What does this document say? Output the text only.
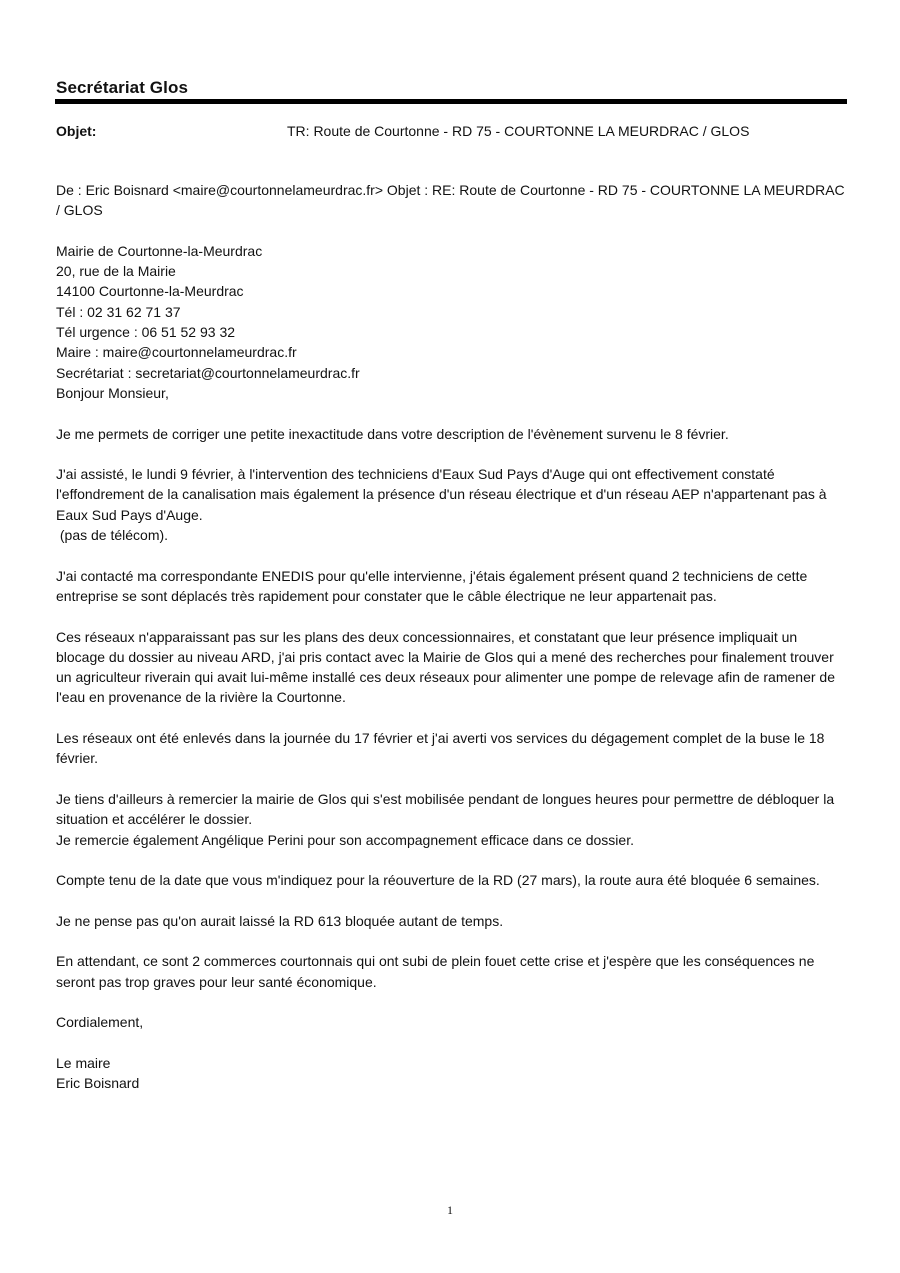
Secrétariat Glos
Objet:	TR: Route de Courtonne - RD 75 - COURTONNE LA MEURDRAC / GLOS

De : Eric Boisnard <maire@courtonnelameurdrac.fr> Objet : RE: Route de Courtonne - RD 75 - COURTONNE LA MEURDRAC / GLOS

Mairie de Courtonne-la-Meurdrac
20, rue de la Mairie
14100 Courtonne-la-Meurdrac
Tél : 02 31 62 71 37
Tél urgence : 06 51 52 93 32
Maire : maire@courtonnelameurdrac.fr
Secrétariat : secretariat@courtonnelameurdrac.fr
Bonjour Monsieur,

Je me permets de corriger une petite inexactitude dans votre description de l'évènement survenu le 8 février.

J'ai assisté, le lundi 9 février, à l'intervention des techniciens d'Eaux Sud Pays d'Auge qui ont effectivement constaté l'effondrement de la canalisation mais également la présence d'un réseau électrique et d'un réseau AEP n'appartenant pas à Eaux Sud Pays d'Auge.

(pas de télécom).

J'ai contacté ma correspondante ENEDIS pour qu'elle intervienne, j'étais également présent quand 2 techniciens de cette entreprise se sont déplacés très rapidement pour constater que le câble électrique ne leur appartenait pas.

Ces réseaux n'apparaissant pas sur les plans des deux concessionnaires, et constatant que leur présence impliquait un blocage du dossier au niveau ARD, j'ai pris contact avec la Mairie de Glos qui a mené des recherches pour finalement trouver un agriculteur riverain qui avait lui-même installé ces deux réseaux pour alimenter une pompe de relevage afin de ramener de l'eau en provenance de la rivière la Courtonne.

Les réseaux ont été enlevés dans la journée du 17 février et j'ai averti vos services du dégagement complet de la buse le 18 février.

Je tiens d'ailleurs à remercier la mairie de Glos qui s'est mobilisée pendant de longues heures pour permettre de débloquer la situation et accélérer le dossier.

Je remercie également Angélique Perini pour son accompagnement efficace dans ce dossier.

Compte tenu de la date que vous m'indiquez pour la réouverture de la RD (27 mars), la route aura été bloquée 6 semaines.

Je ne pense pas qu'on aurait laissé la RD 613 bloquée autant de temps.

En attendant, ce sont 2 commerces courtonnais qui ont subi de plein fouet cette crise et j'espère que les conséquences ne seront pas trop graves pour leur santé économique.

Cordialement,

Le maire
Eric Boisnard

1
